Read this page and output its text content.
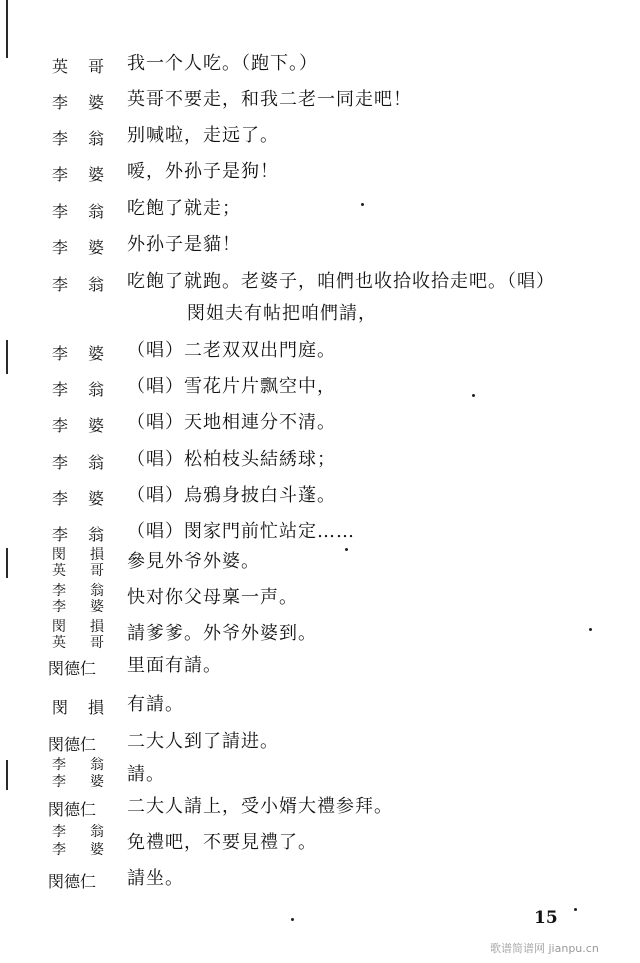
英 哥 我一个人吃。（跑下。）
李 婆 英哥不要走，和我二老一同走吧！
李 翁 别喊啦，走远了。
李 婆 嗳，外孙子是狗！
李 翁 吃飽了就走；
李 婆 外孙子是貓！
李 翁 吃飽了就跑。老婆子，咱們也收拾收拾走吧。（唱）
閔姐夫有帖把咱們請，
李 婆 （唱）二老双双出門庭。
李 翁 （唱）雪花片片飘空中，
李 婆 （唱）天地相連分不清。
李 翁 （唱）松柏枝头結綉球；
李 婆 （唱）烏鴉身披白斗蓬。
李 翁 （唱）閔家門前忙站定……
閔 損
英 哥 參見外爷外婆。
李 翁
李 婆 快对你父母稟一声。
閔 損
英 哥 請爹爹。外爷外婆到。
閔德仁 里面有請。
閔 損 有請。
閔德仁 二大人到了請进。
李 翁
李 婆 請。
閔德仁 二大人請上，受小婿大禮参拜。
李 翁
李 婆 免禮吧，不要見禮了。
閔德仁 請坐。
15
歌谱简谱网 jianpu.cn
